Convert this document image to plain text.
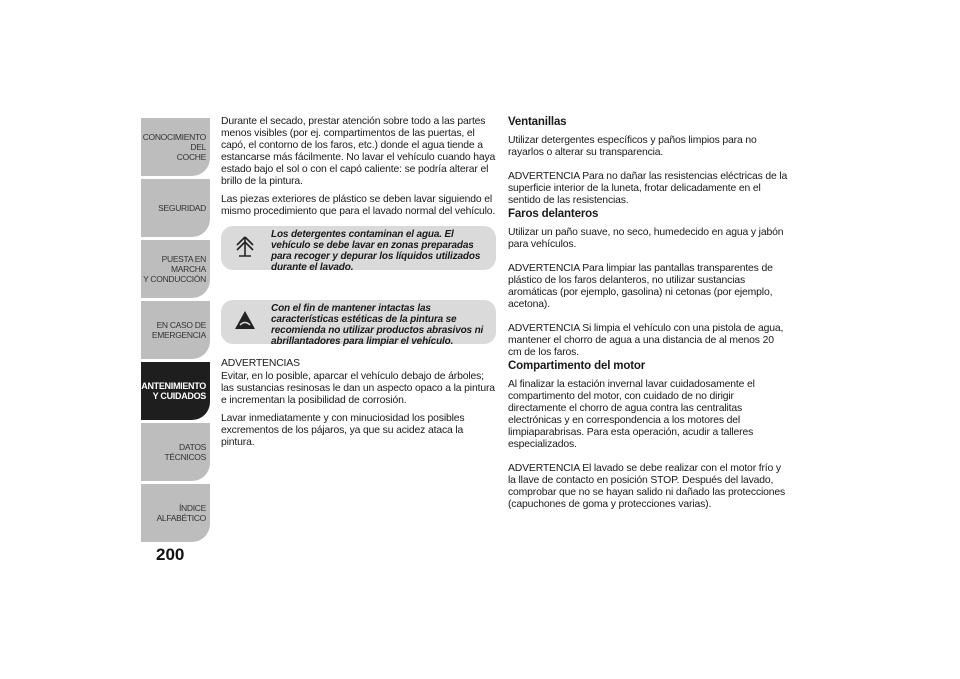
CONOCIMIENTO DEL
COCHE
SEGURIDAD
PUESTA EN MARCHA
Y CONDUCCIÓN
EN CASO DE
EMERGENCIA
MANTENIMIENTO
Y CUIDADOS
DATOS TÉCNICOS
ÍNDICE ALFABÉTICO
200

Durante el secado, prestar atención sobre todo a las partes menos visibles (por ej. compartimentos de las puertas, el capó, el contorno de los faros, etc.) donde el agua tiende a estancarse más fácilmente. No lavar el vehículo cuando haya estado bajo el sol o con el capó caliente: se podría alterar el brillo de la pintura.

Las piezas exteriores de plástico se deben lavar siguiendo el mismo procedimiento que para el lavado normal del vehículo.

Los detergentes contaminan el agua. El vehículo se debe lavar en zonas preparadas para recoger y depurar los líquidos utilizados durante el lavado.
Con el fin de mantener intactas las características estéticas de la pintura se recomienda no utilizar productos abrasivos ni abrillantadores para limpiar el vehículo.

ADVERTENCIAS

Evitar, en lo posible, aparcar el vehículo debajo de árboles; las sustancias resinosas le dan un aspecto opaco a la pintura e incrementan la posibilidad de corrosión.

Lavar inmediatamente y con minuciosidad los posibles excrementos de los pájaros, ya que su acidez ataca la pintura.

Ventanillas

Utilizar detergentes específicos y paños limpios para no rayarlos o alterar su transparencia.

ADVERTENCIA Para no dañar las resistencias eléctricas de la superficie interior de la luneta, frotar delicadamente en el sentido de las resistencias.

Faros delanteros

Utilizar un paño suave, no seco, humedecido en agua y jabón para vehículos.

ADVERTENCIA Para limpiar las pantallas transparentes de plástico de los faros delanteros, no utilizar sustancias aromáticas (por ejemplo, gasolina) ni cetonas (por ejemplo, acetona).

ADVERTENCIA Si limpia el vehículo con una pistola de agua, mantener el chorro de agua a una distancia de al menos 20 cm de los faros.

Compartimento del motor

Al finalizar la estación invernal lavar cuidadosamente el compartimento del motor, con cuidado de no dirigir directamente el chorro de agua contra las centralitas electrónicas y en correspondencia a los motores del limpiaparabrisas. Para esta operación, acudir a talleres especializados.

ADVERTENCIA El lavado se debe realizar con el motor frío y la llave de contacto en posición STOP. Después del lavado, comprobar que no se hayan salido ni dañado las protecciones (capuchones de goma y protecciones varias).
